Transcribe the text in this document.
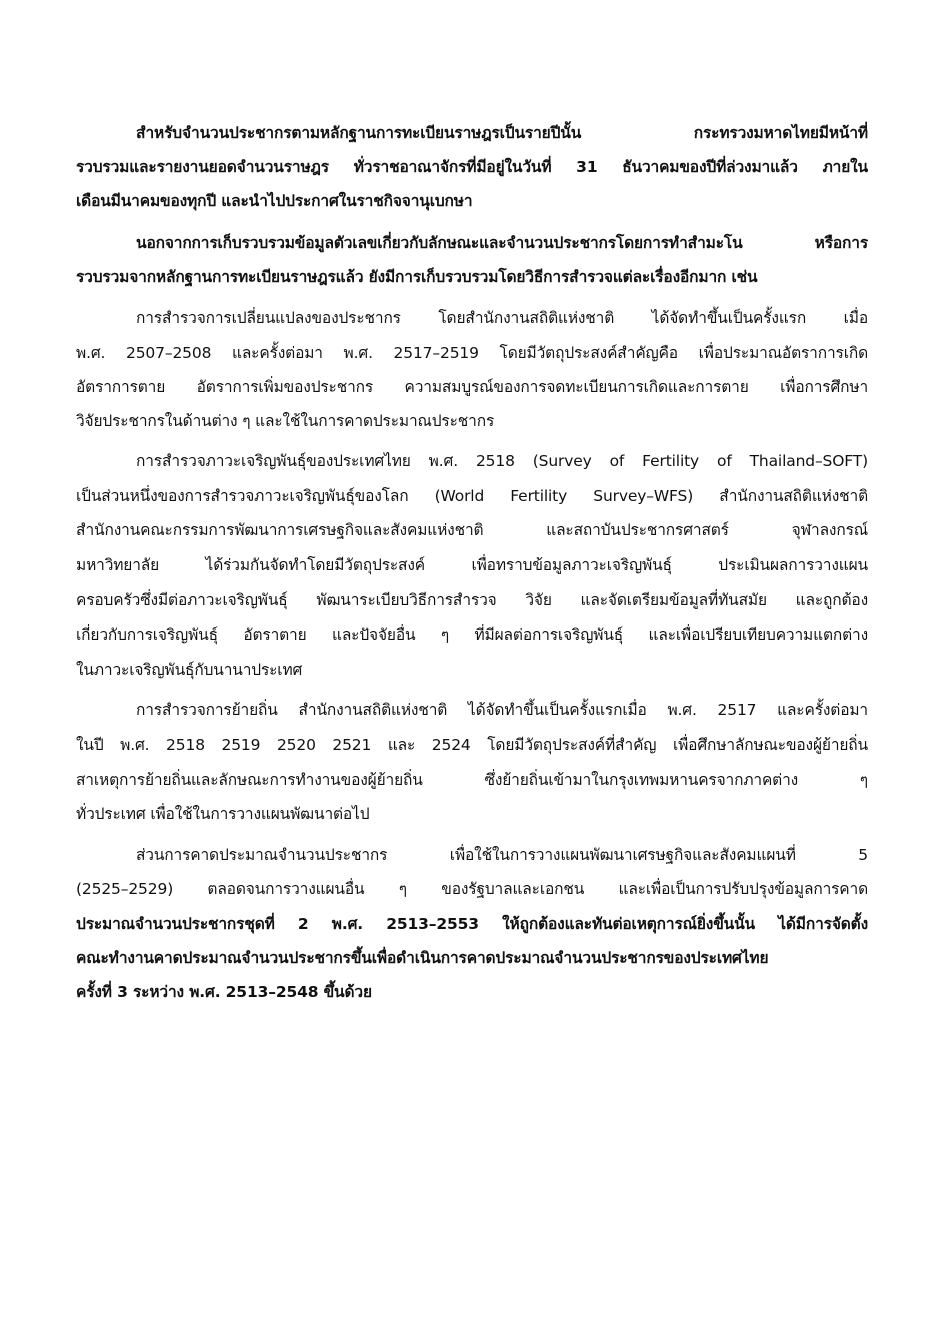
สำหรับจำนวนประชากรตามหลักฐานการทะเบียนราษฎรเป็นรายปีนั้น กระทรวงมหาดไทยมีหน้าที่
รวบรวมและรายงานยอดจำนวนราษฎร ทั่วราชอาณาจักรที่มีอยู่ในวันที่ 31 ธันวาคมของปีที่ล่วงมาแล้ว ภายใน
เดือนมีนาคมของทุกปี และนำไปประกาศในราชกิจจานุเบกษา
นอกจากการเก็บรวบรวมข้อมูลตัวเลขเกี่ยวกับลักษณะและจำนวนประชากรโดยการทำสำมะโน หรือการ
รวบรวมจากหลักฐานการทะเบียนราษฎรแล้ว ยังมีการเก็บรวบรวมโดยวิธีการสำรวจแต่ละเรื่องอีกมาก เช่น
การสำรวจการเปลี่ยนแปลงของประชากร โดยสำนักงานสถิติแห่งชาติ ได้จัดทำขึ้นเป็นครั้งแรก เมื่อ
พ.ศ. 2507–2508 และครั้งต่อมา พ.ศ. 2517–2519 โดยมีวัตถุประสงค์สำคัญคือ เพื่อประมาณอัตราการเกิด
อัตราการตาย อัตราการเพิ่มของประชากร ความสมบูรณ์ของการจดทะเบียนการเกิดและการตาย เพื่อการศึกษา
วิจัยประชากรในด้านต่าง ๆ และใช้ในการคาดประมาณประชากร
การสำรวจภาวะเจริญพันธุ์ของประเทศไทย พ.ศ. 2518 (Survey of Fertility of Thailand–SOFT)
เป็นส่วนหนึ่งของการสำรวจภาวะเจริญพันธุ์ของโลก (World Fertility Survey–WFS) สำนักงานสถิติแห่งชาติ
สำนักงานคณะกรรมการพัฒนาการเศรษฐกิจและสังคมแห่งชาติ และสถาบันประชากรศาสตร์ จุฬาลงกรณ์
มหาวิทยาลัย ได้ร่วมกันจัดทำโดยมีวัตถุประสงค์ เพื่อทราบข้อมูลภาวะเจริญพันธุ์ ประเมินผลการวางแผน
ครอบครัวซึ่งมีต่อภาวะเจริญพันธุ์ พัฒนาระเบียบวิธีการสำรวจ วิจัย และจัดเตรียมข้อมูลที่ทันสมัย และถูกต้อง
เกี่ยวกับการเจริญพันธุ์ อัตราตาย และปัจจัยอื่น ๆ ที่มีผลต่อการเจริญพันธุ์ และเพื่อเปรียบเทียบความแตกต่าง
ในภาวะเจริญพันธุ์กับนานาประเทศ
การสำรวจการย้ายถิ่น สำนักงานสถิติแห่งชาติ ได้จัดทำขึ้นเป็นครั้งแรกเมื่อ พ.ศ. 2517 และครั้งต่อมา
ในปี พ.ศ. 2518 2519 2520 2521 และ 2524 โดยมีวัตถุประสงค์ที่สำคัญ เพื่อศึกษาลักษณะของผู้ย้ายถิ่น
สาเหตุการย้ายถิ่นและลักษณะการทำงานของผู้ย้ายถิ่น ซึ่งย้ายถิ่นเข้ามาในกรุงเทพมหานครจากภาคต่าง ๆ
ทั่วประเทศ เพื่อใช้ในการวางแผนพัฒนาต่อไป
ส่วนการคาดประมาณจำนวนประชากร เพื่อใช้ในการวางแผนพัฒนาเศรษฐกิจและสังคมแผนที่ 5
(2525–2529) ตลอดจนการวางแผนอื่น ๆ ของรัฐบาลและเอกชน และเพื่อเป็นการปรับปรุงข้อมูลการคาด
ประมาณจำนวนประชากรชุดที่ 2 พ.ศ. 2513–2553 ให้ถูกต้องและทันต่อเหตุการณ์ยิ่งขึ้นนั้น ได้มีการจัดตั้ง
คณะทำงานคาดประมาณจำนวนประชากรขึ้นเพื่อดำเนินการคาดประมาณจำนวนประชากรของประเทศไทย
ครั้งที่ 3 ระหว่าง พ.ศ. 2513–2548 ขึ้นด้วย
